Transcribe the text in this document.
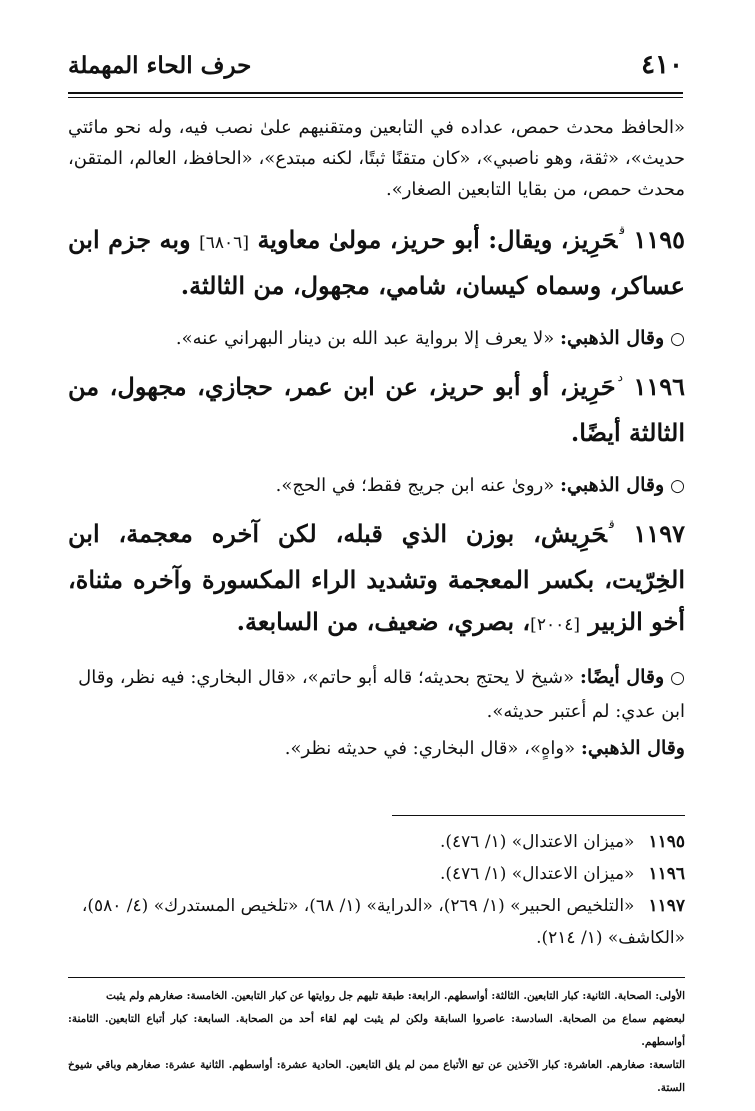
٤١٠
حرف الحاء المهملة

«الحافظ محدث حمص، عداده في التابعين ومتقنيهم علىٰ نصب فيه، وله نحو مائتي حديث»، «ثقة، وهو ناصبي»، «كان متقنًا ثبتًا، لكنه مبتدع»، «الحافظ، العالم، المتقن، محدث حمص، من بقايا التابعين الصغار».

١١٩٥ $^ق$حَرِيز، ويقال: أبو حريز، مولىٰ معاوية [٦٨٠٦] وبه جزم ابن عساكر، وسماه كيسان، شامي، مجهول، من الثالثة.

○وقال الذهبي: «لا يعرف إلا برواية عبد الله بن دينار البهراني عنه».

١١٩٦ $^د$حَرِيز، أو أبو حريز، عن ابن عمر، حجازي، مجهول، من الثالثة أيضًا.

○وقال الذهبي: «روىٰ عنه ابن جريج فقط؛ في الحج».

١١٩٧ $^ق$حَرِيش، بوزن الذي قبله، لكن آخره معجمة، ابن الخِرّيت، بكسر المعجمة وتشديد الراء المكسورة وآخره مثناة، أخو الزبير [٢٠٠٤]، بصري، ضعيف، من السابعة.

○وقال أيضًا: «شيخ لا يحتج بحديثه؛ قاله أبو حاتم»، «قال البخاري: فيه نظر، وقال ابن عدي: لم أعتبر حديثه».

وقال الذهبي: «واهٍ»، «قال البخاري: في حديثه نظر».

١١٩٥«ميزان الاعتدال» (١/ ٤٧٦).

١١٩٦«ميزان الاعتدال» (١/ ٤٧٦).

١١٩٧«التلخيص الحبير» (١/ ٢٦٩)، «الدراية» (١/ ٦٨)، «تلخيص المستدرك» (٤/ ٥٨٠)، «الكاشف» (١/ ٢١٤).

الأولى: الصحابة. الثانية: كبار التابعين. الثالثة: أواسطهم. الرابعة: طبقة تليهم جل روايتها عن كبار التابعين. الخامسة: صغارهم ولم يثبت

لبعضهم سماع من الصحابة. السادسة: عاصروا السابقة ولكن لم يثبت لهم لقاء أحد من الصحابة. السابعة: كبار أتباع التابعين. الثامنة: أواسطهم.

التاسعة: صغارهم. العاشرة: كبار الآخذين عن تبع الأتباع ممن لم يلق التابعين. الحادية عشرة: أواسطهم. الثانية عشرة: صغارهم وباقي شيوخ الستة.
